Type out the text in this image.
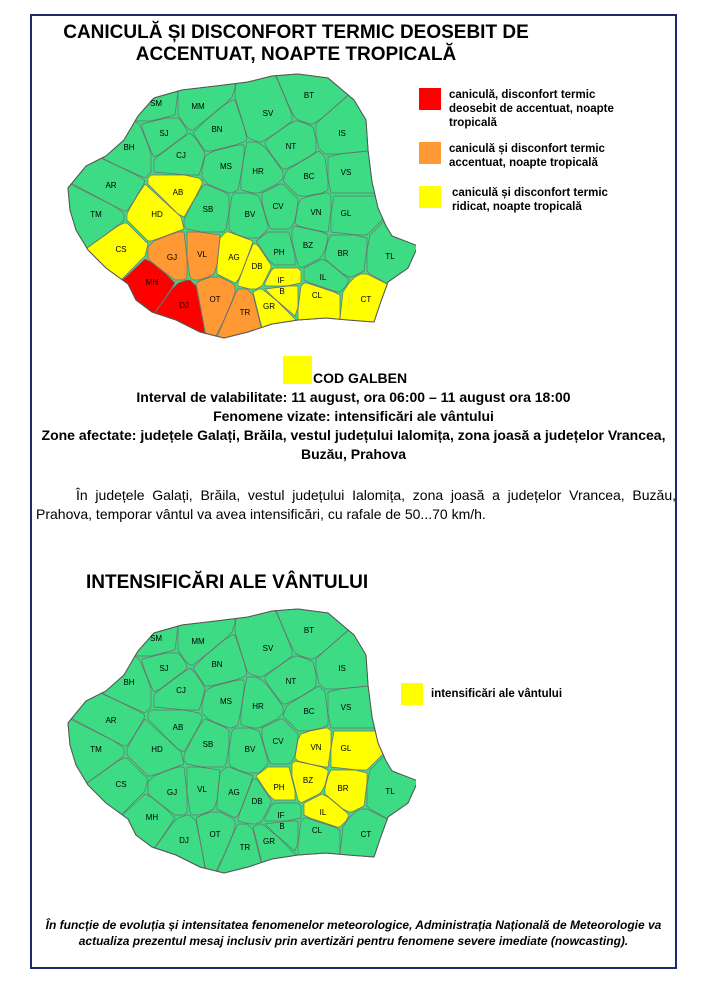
CANICULĂ ȘI DISCONFORT TERMIC DEOSEBIT DE ACCENTUAT, NOAPTE TROPICALĂ
SM	MM
BT
SV
BH
SJ
CJ
BN	IS
NT
MS
HR
BC	VS
AR
AB
CV
VN GL
TM	HD
SB
BV
BZ
BR
CS
GJ VL	AG
DB
PH	TL
MH
DJ
OT
TR
GR
IF
B
IL
CL	CT
caniculă, disconfort termic deosebit de accentuat, noapte tropicală
caniculă și disconfort termic accentuat, noapte tropicală
caniculă și disconfort termic ridicat, noapte tropicală
COD GALBEN
Interval de valabilitate: 11 august, ora 06:00 – 11 august ora 18:00
Fenomene vizate: intensificări ale vântului
Zone afectate: județele Galați, Brăila, vestul județului Ialomița, zona joasă a județelor Vrancea, Buzău, Prahova
În județele Galați, Brăila, vestul județului Ialomița, zona joasă a județelor Vrancea, Buzău, Prahova, temporar vântul va avea intensificări, cu rafale de 50...70 km/h.
INTENSIFICĂRI ALE VÂNTULUI
SM	MM
BT
SV
BH
SJ
CJ
BN	IS
NT
MS
HR
BC	VS
AR
AB
CV
VN GL
TM	HD
SB
BV
BZ
BR
CS
GJ VL	AG
DB
PH	TL
MH
DJ
OT
TR
GR
IF
B
IL
CL	CT
intensificări ale vântului
În funcție de evoluția și intensitatea fenomenelor meteorologice, Administrația Națională de Meteorologie va actualiza prezentul mesaj inclusiv prin avertizări pentru fenomene severe imediate (nowcasting).
